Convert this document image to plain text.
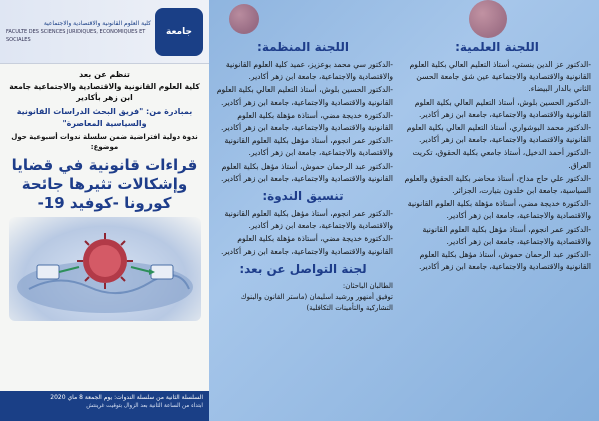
اللجنة العلمية:
-الدكتور عز الدين بنستي، أستاذ التعليم العالي بكلية العلوم القانونية والاقتصادية والاجتماعية عين شق جامعة الحسن الثاني بالدار البيضاء.
-الدكتور الحسين بلوش، أستاذ التعليم العالي بكلية العلوم القانونية والاقتصادية والاجتماعية، جامعة ابن زهر أكادير.
-الدكتور محمد البوشواري، أستاذ التعليم العالي بكلية العلوم القانونية والاقتصادية والاجتماعية، جامعة ابن زهر أكادير.
-الدكتور أحمد الدخيل، أستاذ جامعي بكلية الحقوق، تكريت العراق.
-الدكتور علي حاج مداح، أستاذ محاضر بكلية الحقوق والعلوم السياسية، جامعة ابن خلدون بتيارت، الجزائر.
-الدكتورة خديجة مضي، أستاذة مؤهلة بكلية العلوم القانونية والاقتصادية والاجتماعية، جامعة ابن زهر أكادير.
-الدكتور عمر انجوم، أستاذ مؤهل بكلية العلوم القانونية والاقتصادية والاجتماعية، جامعة ابن زهر أكادير.
-الدكتور عبد الرحمان حموش، أستاذ مؤهل بكلية العلوم القانونية والاقتصادية والاجتماعية، جامعة ابن زهر أكادير.
اللجنة المنظمة:
-الدكتور سي محمد بوعزيز، عميد كلية العلوم القانونية والاقتصادية والاجتماعية، جامعة ابن زهر أكادير.
-الدكتور الحسين بلوش، أستاذ التعليم العالي بكلية العلوم القانونية والاقتصادية والاجتماعية، جامعة ابن زهر أكادير.
-الدكتورة خديجة مضي، أستاذة مؤهلة بكلية العلوم القانونية والاقتصادية والاجتماعية، جامعة ابن زهر أكادير.
-الدكتور عمر انجوم، أستاذ مؤهل بكلية العلوم القانونية والاقتصادية والاجتماعية، جامعة ابن زهر أكادير.
-الدكتور عبد الرحمان حموش، أستاذ مؤهل بكلية العلوم القانونية والاقتصادية والاجتماعية، جامعة ابن زهر أكادير.
تنسيق الندوة:
-الدكتور عمر انجوم، أستاذ مؤهل بكلية العلوم القانونية والاقتصادية والاجتماعية، جامعة ابن زهر أكادير.
-الدكتورة خديجة مضي، أستاذة مؤهلة بكلية العلوم القانونية والاقتصادية والاجتماعية، جامعة ابن زهر أكادير.
لجنة التواصل عن بعد:
الطالبان الباحثان:
توفيق أمنهور ورشيد اسليمان (ماستر القانون والبنوك التشاركية والتأمينات التكافلية)
جامعة
كلية العلوم القانونية والاقتصادية والاجتماعية
FACULTE DES SCIENCES JURIDIQUES, ECONOMIQUES ET SOCIALES
تنظم عن بعد
كلية العلوم القانونية والاقتصادية والاجتماعية جامعة ابن زهر بأكادير
بمبادرة من: "فريق البحث الدراسات القانونية والسياسية المعاصرة"
ندوة دولية افتراضية ضمن سلسلة ندوات أسبوعية حول موضوع:
قراءات قانونية في قضايا وإشكالات تثيرها جائحة كورونا -كوفيد 19-
السلسلة الثانية من سلسلة الندوات: يوم الجمعة 8 ماي 2020
ابتداء من الساعة الثانية بعد الزوال بتوقيت غرينتش
